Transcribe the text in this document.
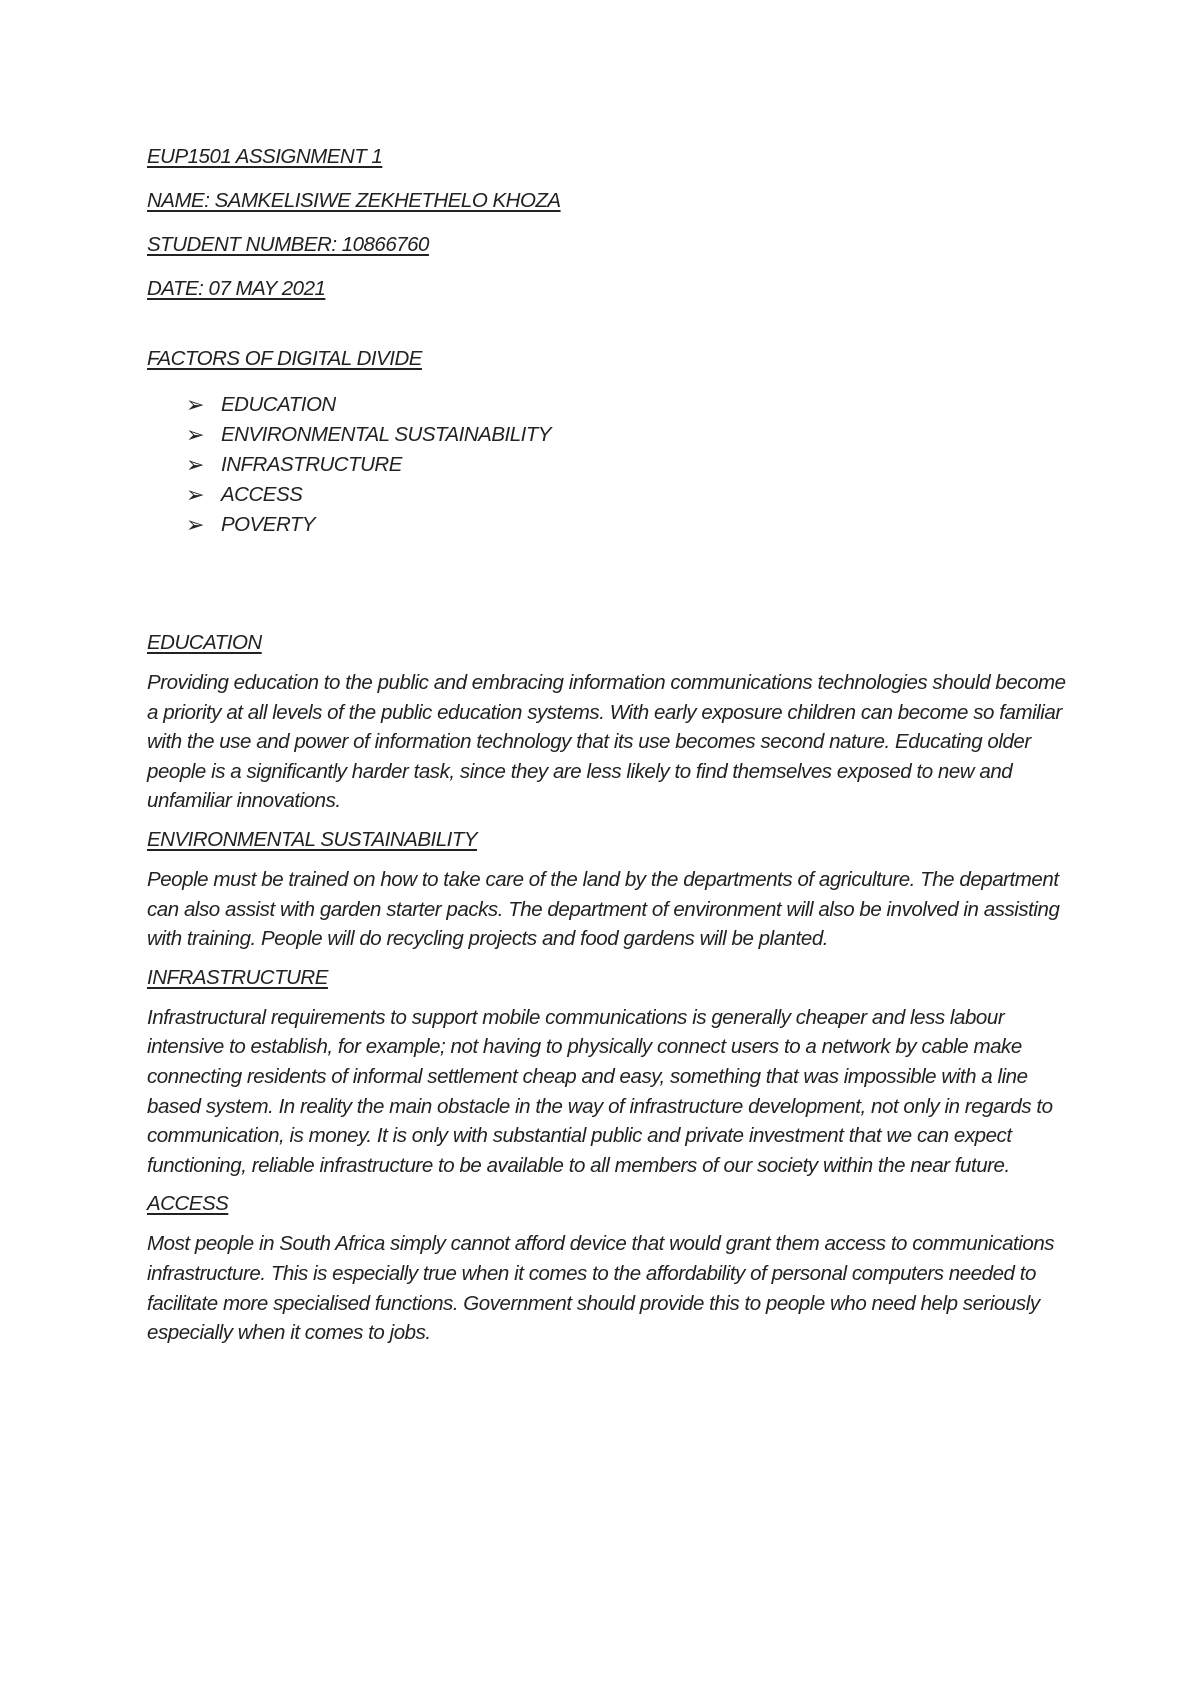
EUP1501 ASSIGNMENT 1

NAME: SAMKELISIWE ZEKHETHELO KHOZA

STUDENT NUMBER: 10866760

DATE: 07 MAY 2021

FACTORS OF DIGITAL DIVIDE

➢ EDUCATION
➢ ENVIRONMENTAL SUSTAINABILITY
➢ INFRASTRUCTURE
➢ ACCESS
➢ POVERTY

EDUCATION

Providing education to the public and embracing information communications technologies should become a priority at all levels of the public education systems. With early exposure children can become so familiar with the use and power of information technology that its use becomes second nature. Educating older people is a significantly harder task, since they are less likely to find themselves exposed to new and unfamiliar innovations.

ENVIRONMENTAL SUSTAINABILITY

People must be trained on how to take care of the land by the departments of agriculture. The department can also assist with garden starter packs. The department of environment will also be involved in assisting with training. People will do recycling projects and food gardens will be planted.

INFRASTRUCTURE

Infrastructural requirements to support mobile communications is generally cheaper and less labour intensive to establish, for example; not having to physically connect users to a network by cable make connecting residents of informal settlement cheap and easy, something that was impossible with a line based system. In reality the main obstacle in the way of infrastructure development, not only in regards to communication, is money. It is only with substantial public and private investment that we can expect functioning, reliable infrastructure to be available to all members of our society within the near future.

ACCESS

Most people in South Africa simply cannot afford device that would grant them access to communications infrastructure. This is especially true when it comes to the affordability of personal computers needed to facilitate more specialised functions. Government should provide this to people who need help seriously especially when it comes to jobs.
